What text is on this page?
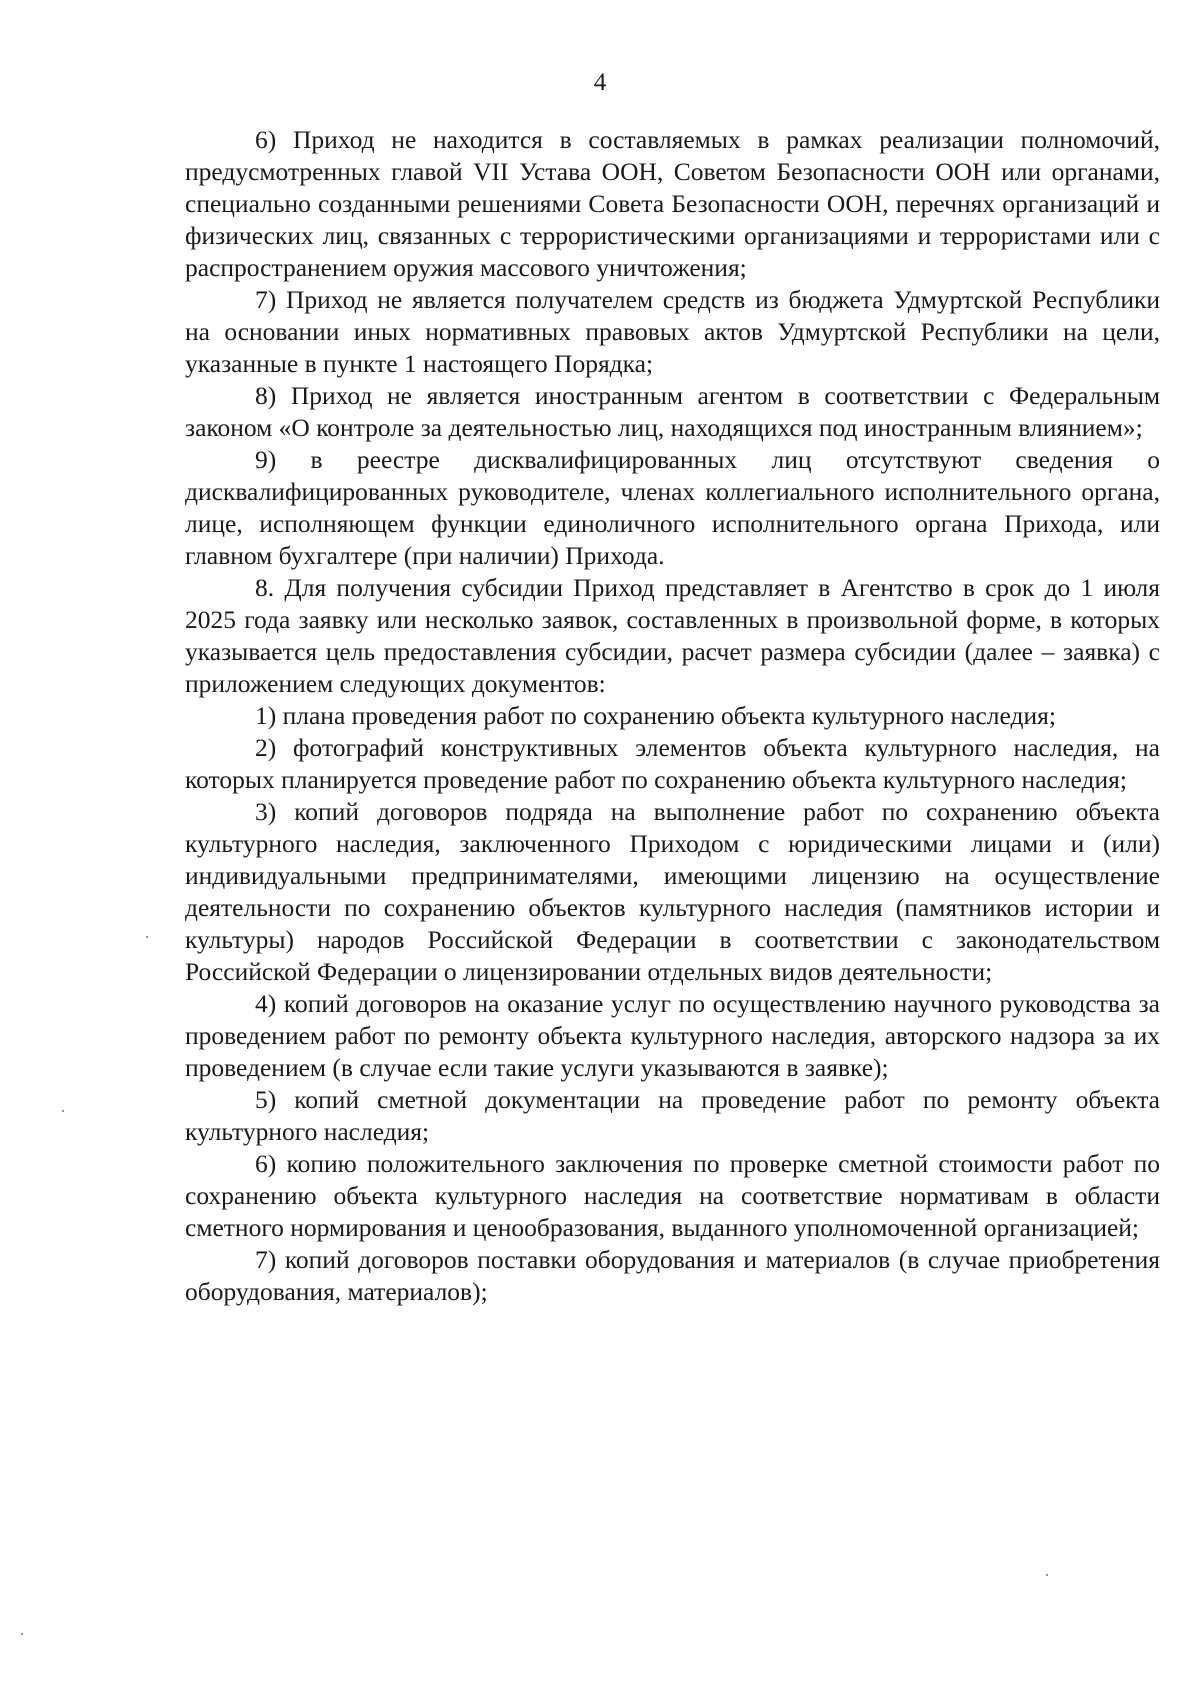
4

6) Приход не находится в составляемых в рамках реализации полномочий, предусмотренных главой VII Устава ООН, Советом Безопасности ООН или органами, специально созданными решениями Совета Безопасности ООН, перечнях организаций и физических лиц, связанных с террористическими организациями и террористами или с распространением оружия массового уничтожения;

7) Приход не является получателем средств из бюджета Удмуртской Республики на основании иных нормативных правовых актов Удмуртской Республики на цели, указанные в пункте 1 настоящего Порядка;

8) Приход не является иностранным агентом в соответствии с Федеральным законом «О контроле за деятельностью лиц, находящихся под иностранным влиянием»;

9) в реестре дисквалифицированных лиц отсутствуют сведения о дисквалифицированных руководителе, членах коллегиального исполнительного органа, лице, исполняющем функции единоличного исполнительного органа Прихода, или главном бухгалтере (при наличии) Прихода.

8. Для получения субсидии Приход представляет в Агентство в срок до 1 июля 2025 года заявку или несколько заявок, составленных в произвольной форме, в которых указывается цель предоставления субсидии, расчет размера субсидии (далее – заявка) с приложением следующих документов:

1) плана проведения работ по сохранению объекта культурного наследия;

2) фотографий конструктивных элементов объекта культурного наследия, на которых планируется проведение работ по сохранению объекта культурного наследия;

3) копий договоров подряда на выполнение работ по сохранению объекта культурного наследия, заключенного Приходом с юридическими лицами и (или) индивидуальными предпринимателями, имеющими лицензию на осуществление деятельности по сохранению объектов культурного наследия (памятников истории и культуры) народов Российской Федерации в соответствии с законодательством Российской Федерации о лицензировании отдельных видов деятельности;

4) копий договоров на оказание услуг по осуществлению научного руководства за проведением работ по ремонту объекта культурного наследия, авторского надзора за их проведением (в случае если такие услуги указываются в заявке);

5) копий сметной документации на проведение работ по ремонту объекта культурного наследия;

6) копию положительного заключения по проверке сметной стоимости работ по сохранению объекта культурного наследия на соответствие нормативам в области сметного нормирования и ценообразования, выданного уполномоченной организацией;

7) копий договоров поставки оборудования и материалов (в случае приобретения оборудования, материалов);
